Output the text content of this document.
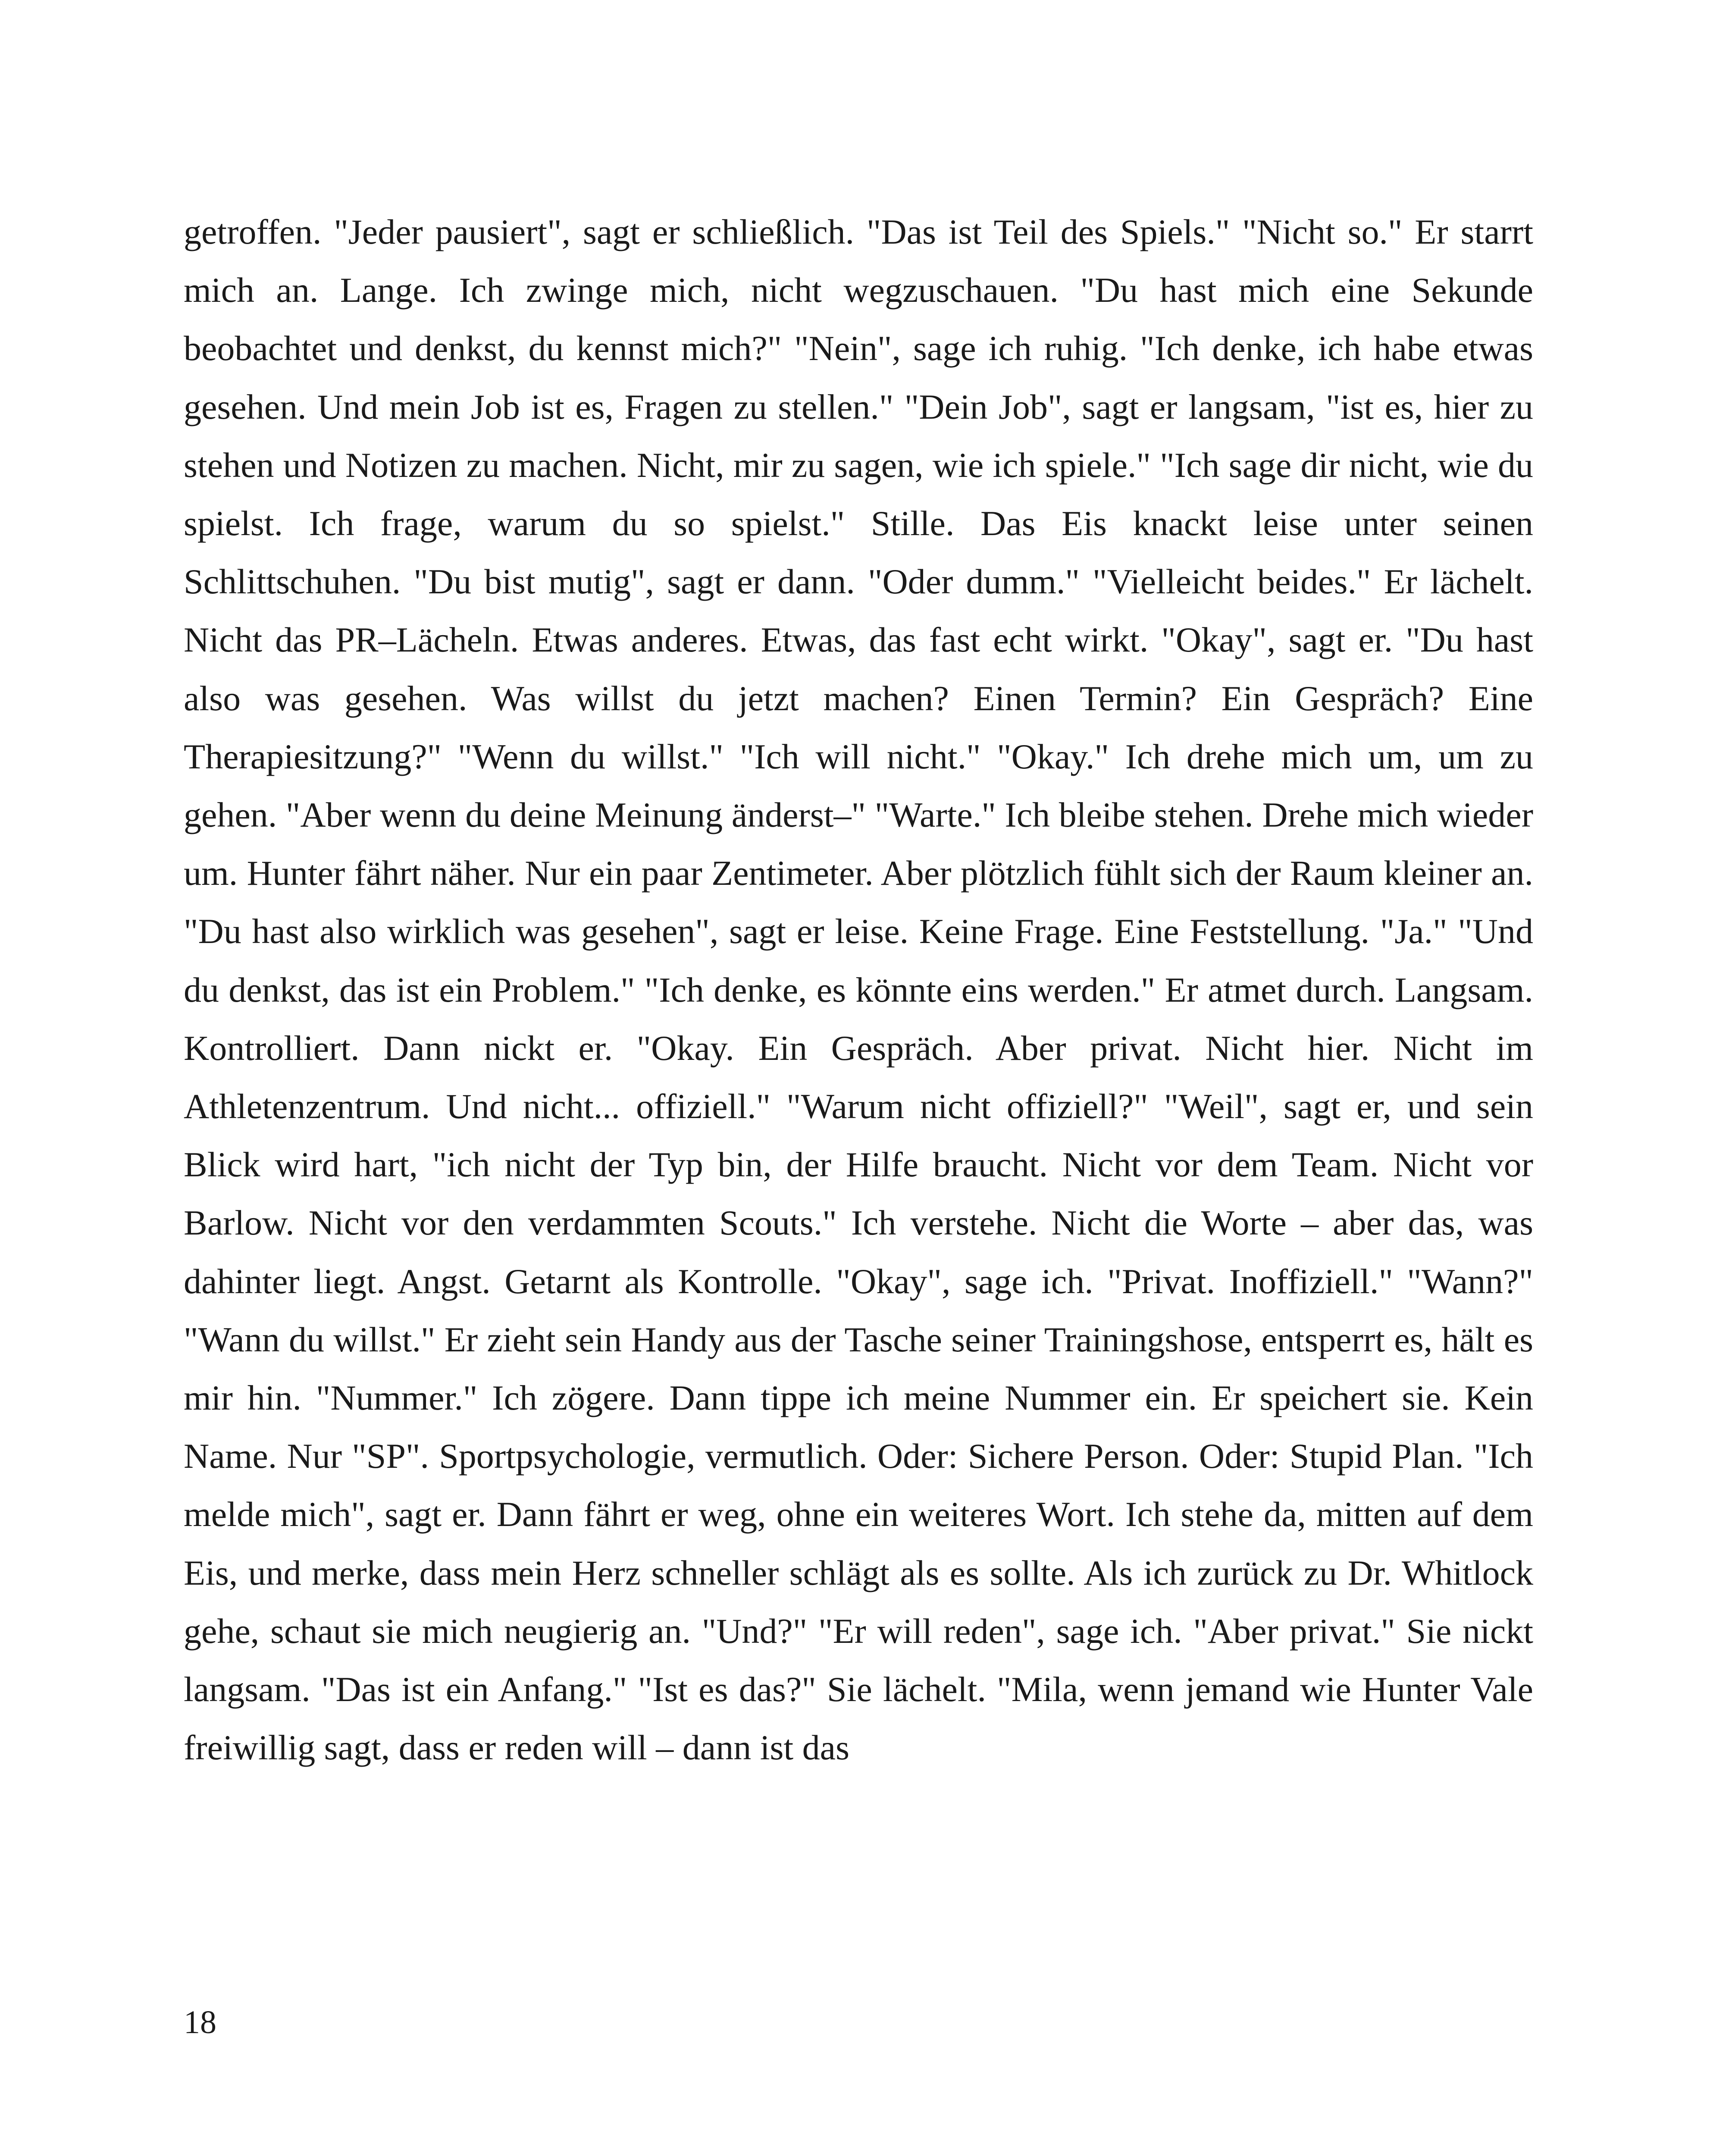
getroffen. "Jeder pausiert", sagt er schließlich. "Das ist Teil des Spiels." "Nicht so." Er starrt mich an. Lange. Ich zwinge mich, nicht wegzuschauen. "Du hast mich eine Sekunde beobachtet und denkst, du kennst mich?" "Nein", sage ich ruhig. "Ich denke, ich habe etwas gesehen. Und mein Job ist es, Fragen zu stellen." "Dein Job", sagt er langsam, "ist es, hier zu stehen und Notizen zu machen. Nicht, mir zu sagen, wie ich spiele." "Ich sage dir nicht, wie du spielst. Ich frage, warum du so spielst." Stille. Das Eis knackt leise unter seinen Schlittschuhen. "Du bist mutig", sagt er dann. "Oder dumm." "Vielleicht beides." Er lächelt. Nicht das PR–Lächeln. Etwas anderes. Etwas, das fast echt wirkt. "Okay", sagt er. "Du hast also was gesehen. Was willst du jetzt machen? Einen Termin? Ein Gespräch? Eine Therapiesitzung?" "Wenn du willst." "Ich will nicht." "Okay." Ich drehe mich um, um zu gehen. "Aber wenn du deine Meinung änderst–" "Warte." Ich bleibe stehen. Drehe mich wieder um. Hunter fährt näher. Nur ein paar Zentimeter. Aber plötzlich fühlt sich der Raum kleiner an. "Du hast also wirklich was gesehen", sagt er leise. Keine Frage. Eine Feststellung. "Ja." "Und du denkst, das ist ein Problem." "Ich denke, es könnte eins werden." Er atmet durch. Langsam. Kontrolliert. Dann nickt er. "Okay. Ein Gespräch. Aber privat. Nicht hier. Nicht im Athletenzentrum. Und nicht... offiziell." "Warum nicht offiziell?" "Weil", sagt er, und sein Blick wird hart, "ich nicht der Typ bin, der Hilfe braucht. Nicht vor dem Team. Nicht vor Barlow. Nicht vor den verdammten Scouts." Ich verstehe. Nicht die Worte – aber das, was dahinter liegt. Angst. Getarnt als Kontrolle. "Okay", sage ich. "Privat. Inoffiziell." "Wann?" "Wann du willst." Er zieht sein Handy aus der Tasche seiner Trainingshose, entsperrt es, hält es mir hin. "Nummer." Ich zögere. Dann tippe ich meine Nummer ein. Er speichert sie. Kein Name. Nur "SP". Sportpsychologie, vermutlich. Oder: Sichere Person. Oder: Stupid Plan. "Ich melde mich", sagt er. Dann fährt er weg, ohne ein weiteres Wort. Ich stehe da, mitten auf dem Eis, und merke, dass mein Herz schneller schlägt als es sollte. Als ich zurück zu Dr. Whitlock gehe, schaut sie mich neugierig an. "Und?" "Er will reden", sage ich. "Aber privat." Sie nickt langsam. "Das ist ein Anfang." "Ist es das?" Sie lächelt. "Mila, wenn jemand wie Hunter Vale freiwillig sagt, dass er reden will – dann ist das

18
